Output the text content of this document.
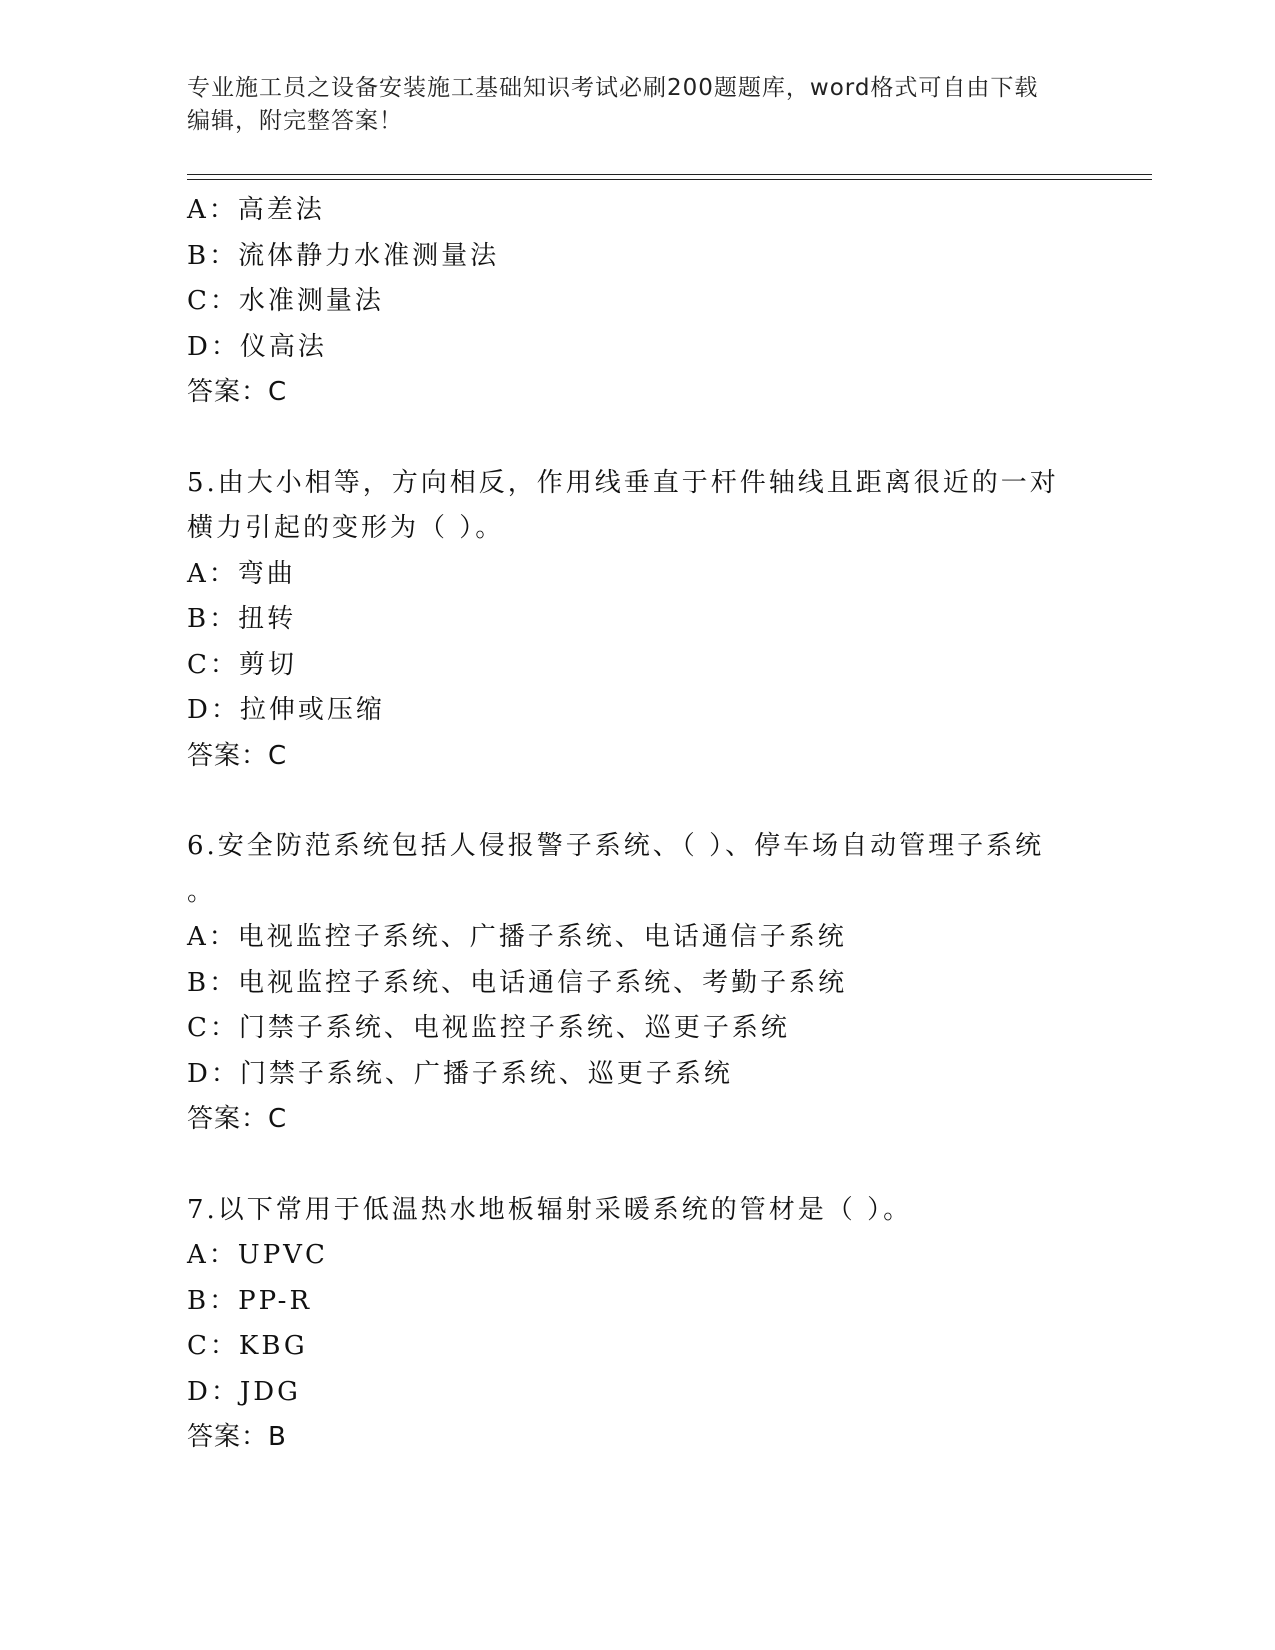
专业施工员之设备安装施工基础知识考试必刷200题题库，word格式可自由下载
编辑，附完整答案！
A：高差法
B：流体静力水准测量法
C：水准测量法
D：仪高法
答案：C
5.由大小相等，方向相反，作用线垂直于杆件轴线且距离很近的一对
横力引起的变形为（ ）。
A：弯曲
B：扭转
C：剪切
D：拉伸或压缩
答案：C
6.安全防范系统包括人侵报警子系统、（ ）、停车场自动管理子系统
。
A：电视监控子系统、广播子系统、电话通信子系统
B：电视监控子系统、电话通信子系统、考勤子系统
C：门禁子系统、电视监控子系统、巡更子系统
D：门禁子系统、广播子系统、巡更子系统
答案：C
7.以下常用于低温热水地板辐射采暖系统的管材是（ ）。
A：UPVC
B：PP-R
C：KBG
D：JDG
答案：B
